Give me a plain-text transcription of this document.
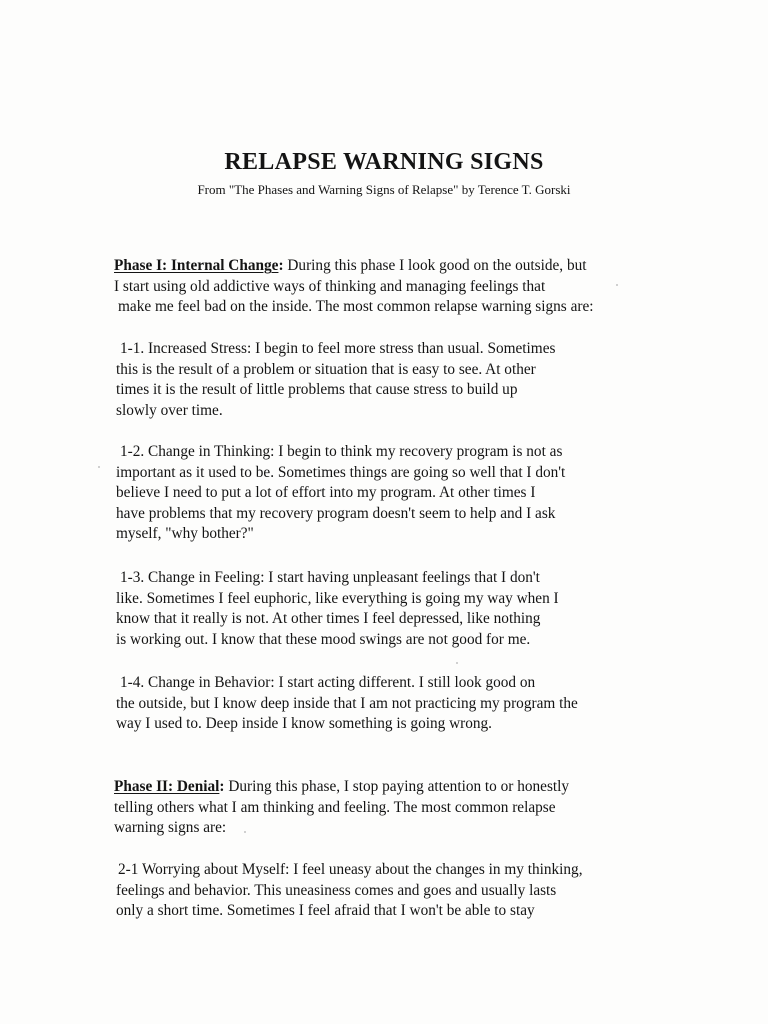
RELAPSE WARNING SIGNS
From "The Phases and Warning Signs of Relapse" by Terence T. Gorski

Phase I: Internal Change: During this phase I look good on the outside, but
I start using old addictive ways of thinking and managing feelings that
make me feel bad on the inside. The most common relapse warning signs are:

1-1. Increased Stress: I begin to feel more stress than usual. Sometimes
this is the result of a problem or situation that is easy to see. At other
times it is the result of little problems that cause stress to build up
slowly over time.

1-2. Change in Thinking: I begin to think my recovery program is not as
important as it used to be. Sometimes things are going so well that I don't
believe I need to put a lot of effort into my program. At other times I
have problems that my recovery program doesn't seem to help and I ask
myself, "why bother?"

1-3. Change in Feeling: I start having unpleasant feelings that I don't
like. Sometimes I feel euphoric, like everything is going my way when I
know that it really is not. At other times I feel depressed, like nothing
is working out. I know that these mood swings are not good for me.

1-4. Change in Behavior: I start acting different. I still look good on
the outside, but I know deep inside that I am not practicing my program the
way I used to. Deep inside I know something is going wrong.

Phase II: Denial: During this phase, I stop paying attention to or honestly
telling others what I am thinking and feeling. The most common relapse
warning signs are:

2-1 Worrying about Myself: I feel uneasy about the changes in my thinking,
feelings and behavior. This uneasiness comes and goes and usually lasts
only a short time. Sometimes I feel afraid that I won't be able to stay
